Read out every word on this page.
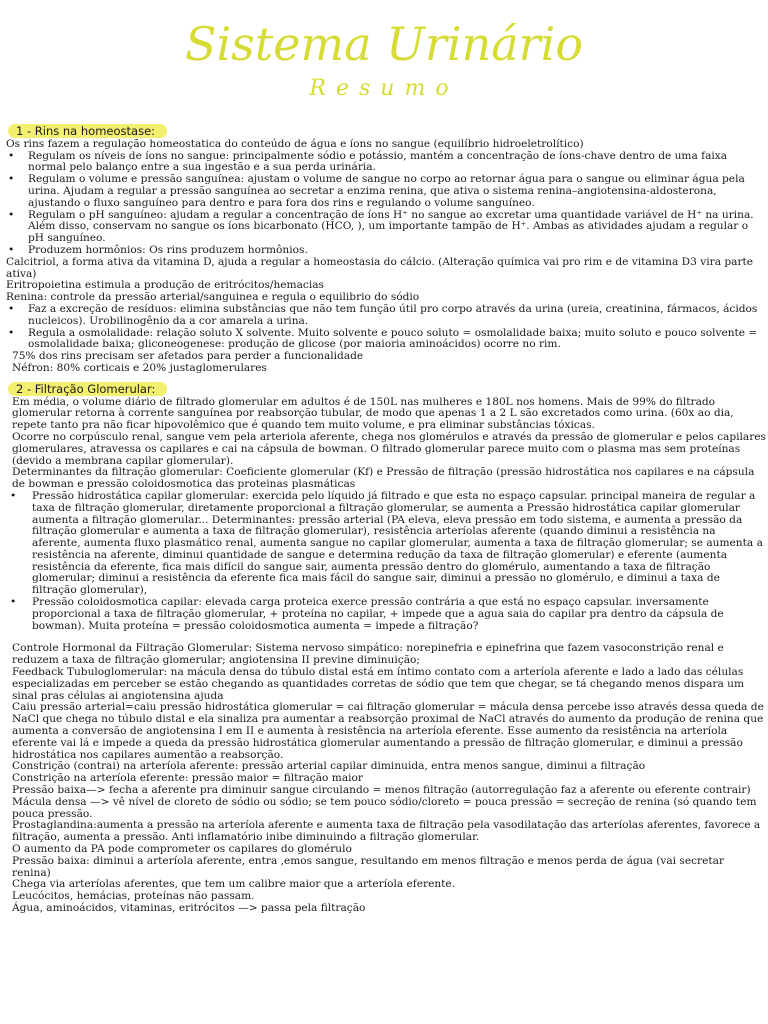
Sistema Urinário
Resumo
1 - Rins na homeostase:

Os rins fazem a regulação homeostatica do conteúdo de água e íons no sangue (equilíbrio hidroeletrolítico)

• Regulam os níveis de íons no sangue: principalmente sódio e potássio, mantém a concentração de íons-chave dentro de uma faixa normal pelo balanço entre a sua ingestão e a sua perda urinária.

• Regulam o volume e pressão sanguínea: ajustam o volume de sangue no corpo ao retornar água para o sangue ou eliminar água pela urina. Ajudam a regular a pressão sanguínea ao secretar a enzima renina, que ativa o sistema renina–angiotensina-aldosterona, ajustando o fluxo sanguíneo para dentro e para fora dos rins e regulando o volume sanguíneo.

• Regulam o pH sanguíneo: ajudam a regular a concentração de íons H⁺ no sangue ao excretar uma quantidade variável de H⁺ na urina. Além disso, conservam no sangue os íons bicarbonato (HCO, ), um importante tampão de H⁺. Ambas as atividades ajudam a regular o pH sanguíneo.

• Produzem hormônios: Os rins produzem hormônios.

Calcitriol, a forma ativa da vitamina D, ajuda a regular a homeostasia do cálcio. (Alteração química vai pro rim e de vitamina D3 vira parte ativa)

Eritropoietina estimula a produção de eritrócitos/hemacias

Renina: controle da pressão arterial/sanguinea e regula o equilibrio do sódio

• Faz a excreção de resíduos: elimina substâncias que não tem função útil pro corpo através da urina (ureia, creatinina, fármacos, ácidos nucleicos). Urobilinogênio da a cor amarela a urina.

• Regula a osmolalidade: relação soluto X solvente. Muito solvente e pouco soluto = osmolalidade baixa; muito soluto e pouco solvente = osmolalidade baixa; gliconeogenese: produção de glicose (por maioria aminoácidos) ocorre no rim.

75% dos rins precisam ser afetados para perder a funcionalidade

Néfron: 80% corticais e 20% justaglomerulares

2 - Filtração Glomerular:

Em média, o volume diário de filtrado glomerular em adultos é de 150L nas mulheres e 180L nos homens. Mais de 99% do filtrado glomerular retorna à corrente sanguínea por reabsorção tubular, de modo que apenas 1 a 2 L são excretados como urina. (60x ao dia, repete tanto pra não ficar hipovolêmico que é quando tem muito volume, e pra eliminar substâncias tóxicas.

Ocorre no corpúsculo renal, sangue vem pela arteriola aferente, chega nos glomérulos e através da pressão de glomerular e pelos capilares glomerulares, atravessa os capilares e cai na cápsula de bowman. O filtrado glomerular parece muito com o plasma mas sem proteínas (devido a membrana capilar glomerular).

Determinantes da filtração glomerular: Coeficiente glomerular (Kf) e Pressão de filtração (pressão hidrostática nos capilares e na cápsula de bowman e pressão coloidosmotica das proteinas plasmáticas

• Pressão hidrostática capilar glomerular: exercida pelo líquido já filtrado e que esta no espaço capsular. principal maneira de regular a taxa de filtração glomerular, diretamente proporcional a filtração glomerular, se aumenta a Pressão hidrostática capilar glomerular aumenta a filtração glomerular... Determinantes: pressão arterial (PA eleva, eleva pressão em todo sistema, e aumenta a pressão da filtração glomerular e aumenta a taxa de filtração glomerular), resistência arteríolas aferente (quando diminui a resistência na aferente, aumenta fluxo plasmático renal, aumenta sangue no capilar glomerular, aumenta a taxa de filtração glomerular; se aumenta a resistência na aferente, diminui quantidade de sangue e determina redução da taxa de filtração glomerular) e eferente (aumenta resistência da eferente, fica mais difícil do sangue sair, aumenta pressão dentro do glomérulo, aumentando a taxa de filtração glomerular; diminui a resistência da eferente fica mais fácil do sangue sair, diminui a pressão no glomérulo, e diminui a taxa de filtração glomerular),

• Pressão coloidosmotica capilar: elevada carga proteica exerce pressão contrária a que está no espaço capsular. inversamente proporcional a taxa de filtração glomerular, + proteína no capilar, + impede que a agua saia do capilar pra dentro da cápsula de bowman). Muita proteína = pressão coloidosmotica aumenta = impede a filtração?

Controle Hormonal da Filtração Glomerular: Sistema nervoso simpático: norepinefria e epinefrina que fazem vasoconstrição renal e reduzem a taxa de filtração glomerular; angiotensina II previne diminuição;

Feedback Tubuloglomerular: na mácula densa do túbulo distal está em íntimo contato com a arteríola aferente e lado a lado das células especializadas em perceber se estão chegando as quantidades corretas de sódio que tem que chegar, se tá chegando menos dispara um sinal pras células ai angiotensina ajuda

Caiu pressão arterial=caiu pressão hidrostática glomerular = cai filtração glomerular = mácula densa percebe isso através dessa queda de NaCl que chega no túbulo distal e ela sinaliza pra aumentar a reabsorção proximal de NaCl através do aumento da produção de renina que aumenta a conversão de angiotensina I em II e aumenta à resistência na arteríola eferente. Esse aumento da resistência na arteríola eferente vai lá e impede a queda da pressão hidrostática glomerular aumentando a pressão de filtração glomerular, e diminui a pressão hidrostática nos capilares aumentão a reabsorção.

Constrição (contrai) na arteríola aferente: pressão arterial capilar diminuida, entra menos sangue, diminui a filtração

Constrição na arteríola eferente: pressão maior = filtração maior

Pressão baixa—> fecha a aferente pra diminuir sangue circulando = menos filtração (autorregulação faz a aferente ou eferente contrair)

Mácula densa —> vê nível de cloreto de sódio ou sódio; se tem pouco sódio/cloreto = pouca pressão = secreção de renina (só quando tem pouca pressão.

Prostaglandina:aumenta a pressão na arteríola aferente e aumenta taxa de filtração pela vasodilatação das arteríolas aferentes, favorece a filtração, aumenta a pressão. Anti inflamatório inibe diminuindo a filtração glomerular.

O aumento da PA pode comprometer os capilares do glomérulo

Pressão baixa: diminui a arteríola aferente, entra ,emos sangue, resultando em menos filtração e menos perda de água (vai secretar renina)

Chega via arteríolas aferentes, que tem um calibre maior que a arteríola eferente.

Leucócitos, hemácias, proteínas não passam.

Água, aminoácidos, vitaminas, eritrócitos —> passa pela filtração
